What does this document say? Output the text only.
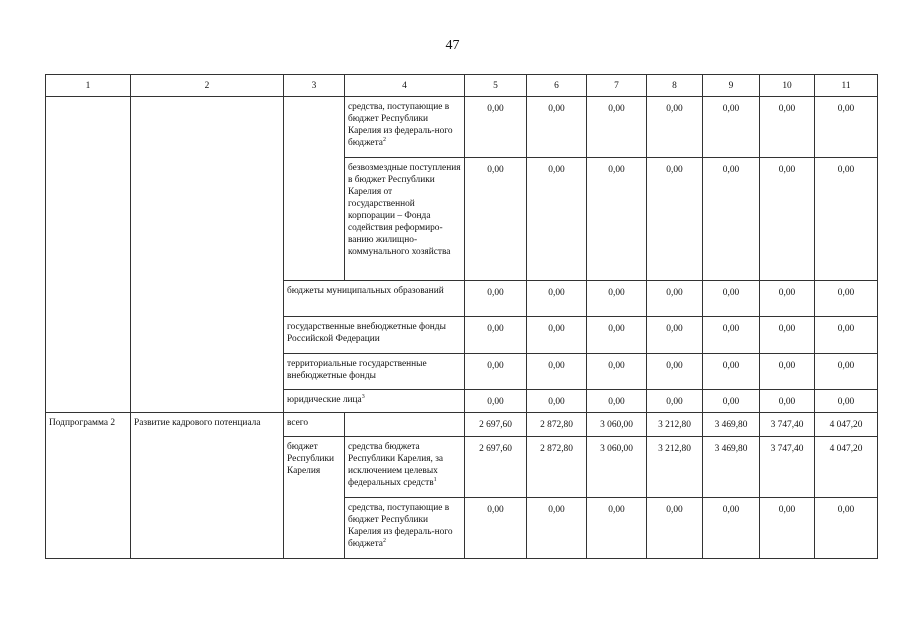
47
1	2	3	4	5	6	7	8	9	10	11
			средства, поступающие в бюджет Республики Карелия из федераль-ного бюджета$^2$	0,00	0,00	0,00	0,00	0,00	0,00	0,00
			безвозмездные поступления в бюджет Республики Карелия от государственной корпорации – Фонда содействия реформиро-ванию жилищно-коммунального хозяйства	0,00	0,00	0,00	0,00	0,00	0,00	0,00
		бюджеты муниципальных образований		0,00	0,00	0,00	0,00	0,00	0,00	0,00
		государственные внебюджетные фонды Российской Федерации		0,00	0,00	0,00	0,00	0,00	0,00	0,00
		территориальные государственные внебюджетные фонды		0,00	0,00	0,00	0,00	0,00	0,00	0,00
		юридические лица$^3$		0,00	0,00	0,00	0,00	0,00	0,00	0,00
Подпрограмма 2	Развитие кадрового потенциала	всего		2 697,60	2 872,80	3 060,00	3 212,80	3 469,80	3 747,40	4 047,20
		бюджет Республики Карелия	средства бюджета Республики Карелия, за исключением целевых федеральных средств$^1$	2 697,60	2 872,80	3 060,00	3 212,80	3 469,80	3 747,40	4 047,20
			средства, поступающие в бюджет Республики Карелия из федераль-ного бюджета$^2$	0,00	0,00	0,00	0,00	0,00	0,00	0,00
